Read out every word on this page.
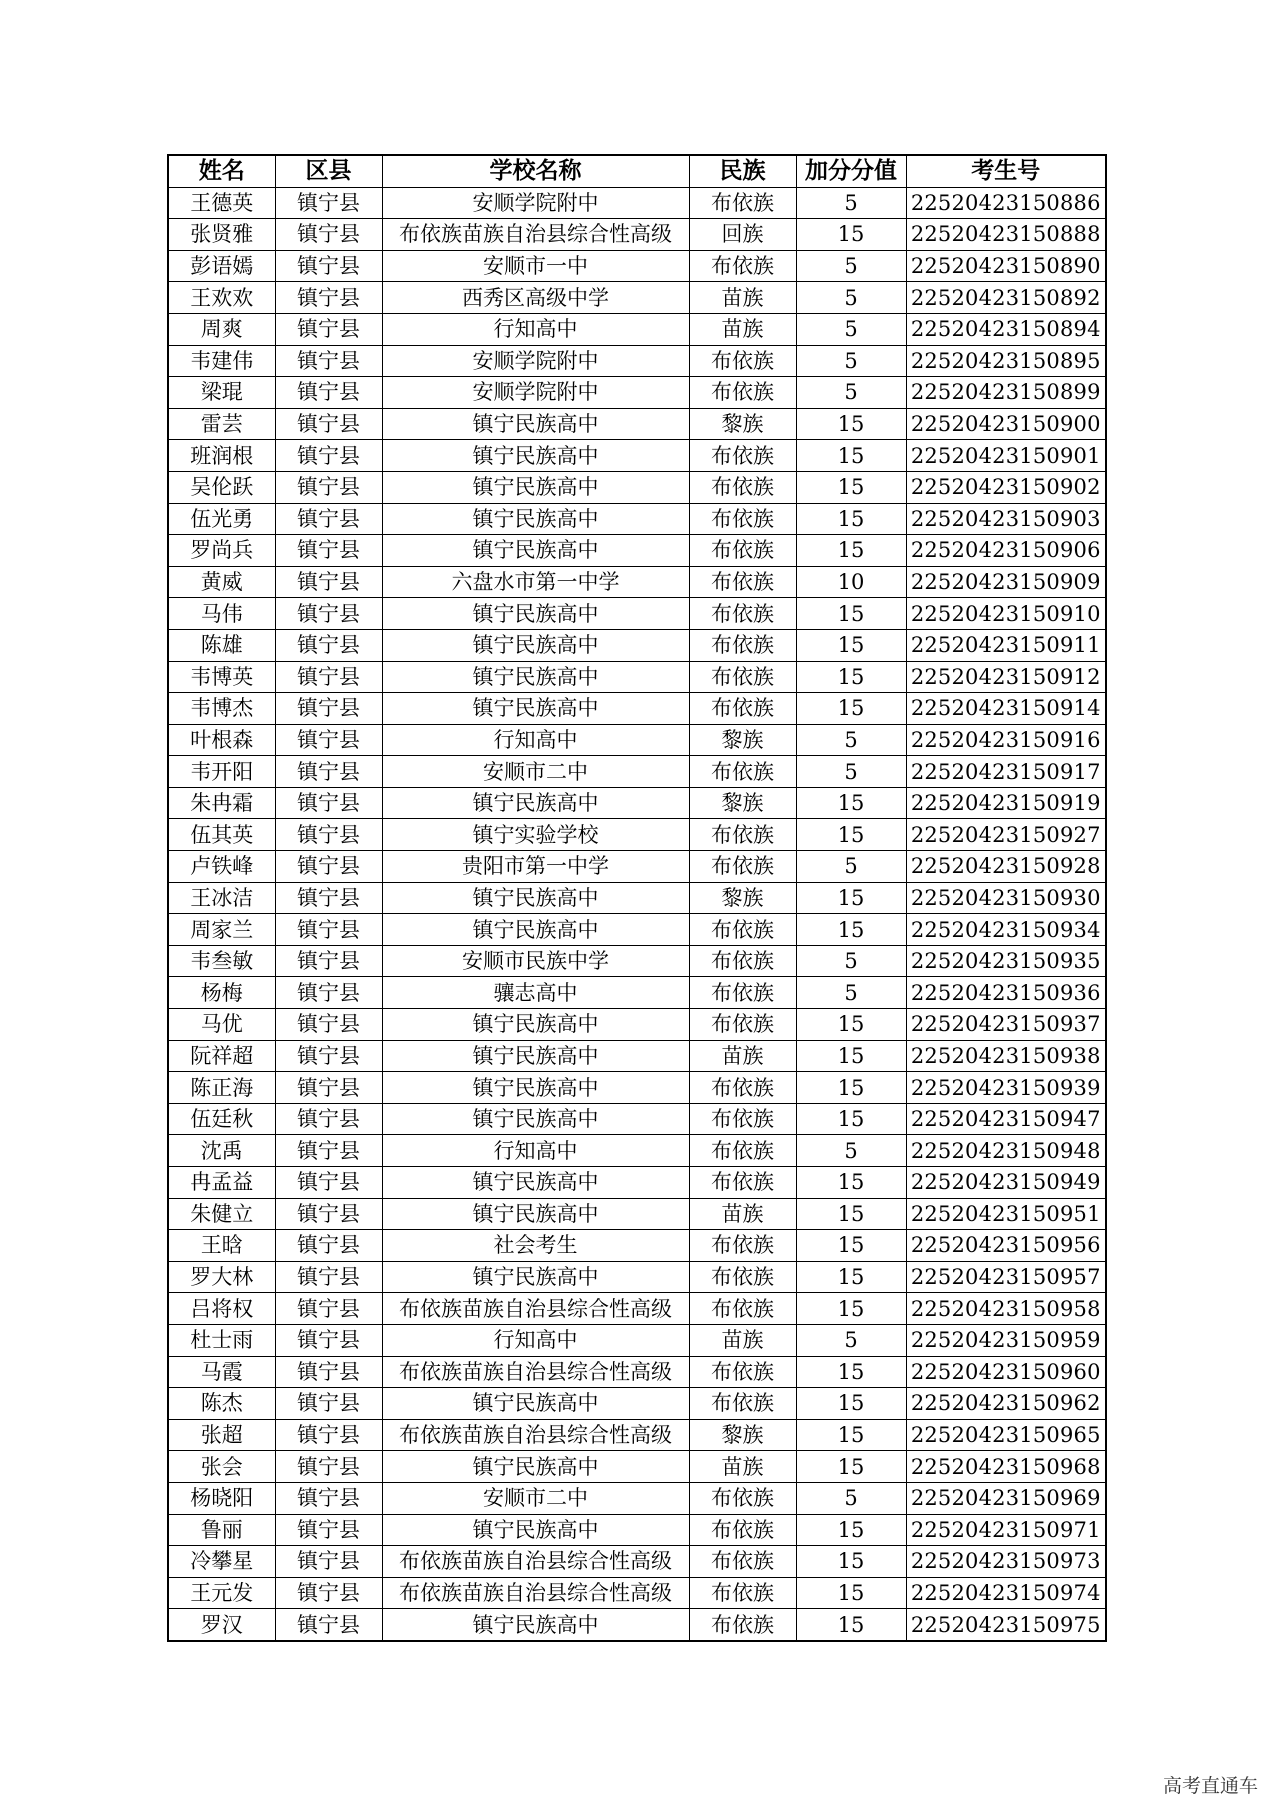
姓名	区县	学校名称	民族	加分分值	考生号
王德英	镇宁县	安顺学院附中	布依族	5	22520423150886
张贤雅	镇宁县	布依族苗族自治县综合性高级	回族	15	22520423150888
彭语嫣	镇宁县	安顺市一中	布依族	5	22520423150890
王欢欢	镇宁县	西秀区高级中学	苗族	5	22520423150892
周爽	镇宁县	行知高中	苗族	5	22520423150894
韦建伟	镇宁县	安顺学院附中	布依族	5	22520423150895
梁琨	镇宁县	安顺学院附中	布依族	5	22520423150899
雷芸	镇宁县	镇宁民族高中	黎族	15	22520423150900
班润根	镇宁县	镇宁民族高中	布依族	15	22520423150901
吴伦跃	镇宁县	镇宁民族高中	布依族	15	22520423150902
伍光勇	镇宁县	镇宁民族高中	布依族	15	22520423150903
罗尚兵	镇宁县	镇宁民族高中	布依族	15	22520423150906
黄威	镇宁县	六盘水市第一中学	布依族	10	22520423150909
马伟	镇宁县	镇宁民族高中	布依族	15	22520423150910
陈雄	镇宁县	镇宁民族高中	布依族	15	22520423150911
韦博英	镇宁县	镇宁民族高中	布依族	15	22520423150912
韦博杰	镇宁县	镇宁民族高中	布依族	15	22520423150914
叶根森	镇宁县	行知高中	黎族	5	22520423150916
韦开阳	镇宁县	安顺市二中	布依族	5	22520423150917
朱冉霜	镇宁县	镇宁民族高中	黎族	15	22520423150919
伍其英	镇宁县	镇宁实验学校	布依族	15	22520423150927
卢铁峰	镇宁县	贵阳市第一中学	布依族	5	22520423150928
王冰洁	镇宁县	镇宁民族高中	黎族	15	22520423150930
周家兰	镇宁县	镇宁民族高中	布依族	15	22520423150934
韦叁敏	镇宁县	安顺市民族中学	布依族	5	22520423150935
杨梅	镇宁县	骧志高中	布依族	5	22520423150936
马优	镇宁县	镇宁民族高中	布依族	15	22520423150937
阮祥超	镇宁县	镇宁民族高中	苗族	15	22520423150938
陈正海	镇宁县	镇宁民族高中	布依族	15	22520423150939
伍廷秋	镇宁县	镇宁民族高中	布依族	15	22520423150947
沈禹	镇宁县	行知高中	布依族	5	22520423150948
冉孟益	镇宁县	镇宁民族高中	布依族	15	22520423150949
朱健立	镇宁县	镇宁民族高中	苗族	15	22520423150951
王晗	镇宁县	社会考生	布依族	15	22520423150956
罗大林	镇宁县	镇宁民族高中	布依族	15	22520423150957
吕将权	镇宁县	布依族苗族自治县综合性高级	布依族	15	22520423150958
杜士雨	镇宁县	行知高中	苗族	5	22520423150959
马霞	镇宁县	布依族苗族自治县综合性高级	布依族	15	22520423150960
陈杰	镇宁县	镇宁民族高中	布依族	15	22520423150962
张超	镇宁县	布依族苗族自治县综合性高级	黎族	15	22520423150965
张会	镇宁县	镇宁民族高中	苗族	15	22520423150968
杨晓阳	镇宁县	安顺市二中	布依族	5	22520423150969
鲁丽	镇宁县	镇宁民族高中	布依族	15	22520423150971
冷攀星	镇宁县	布依族苗族自治县综合性高级	布依族	15	22520423150973
王元发	镇宁县	布依族苗族自治县综合性高级	布依族	15	22520423150974
罗汉	镇宁县	镇宁民族高中	布依族	15	22520423150975
高考直通车
